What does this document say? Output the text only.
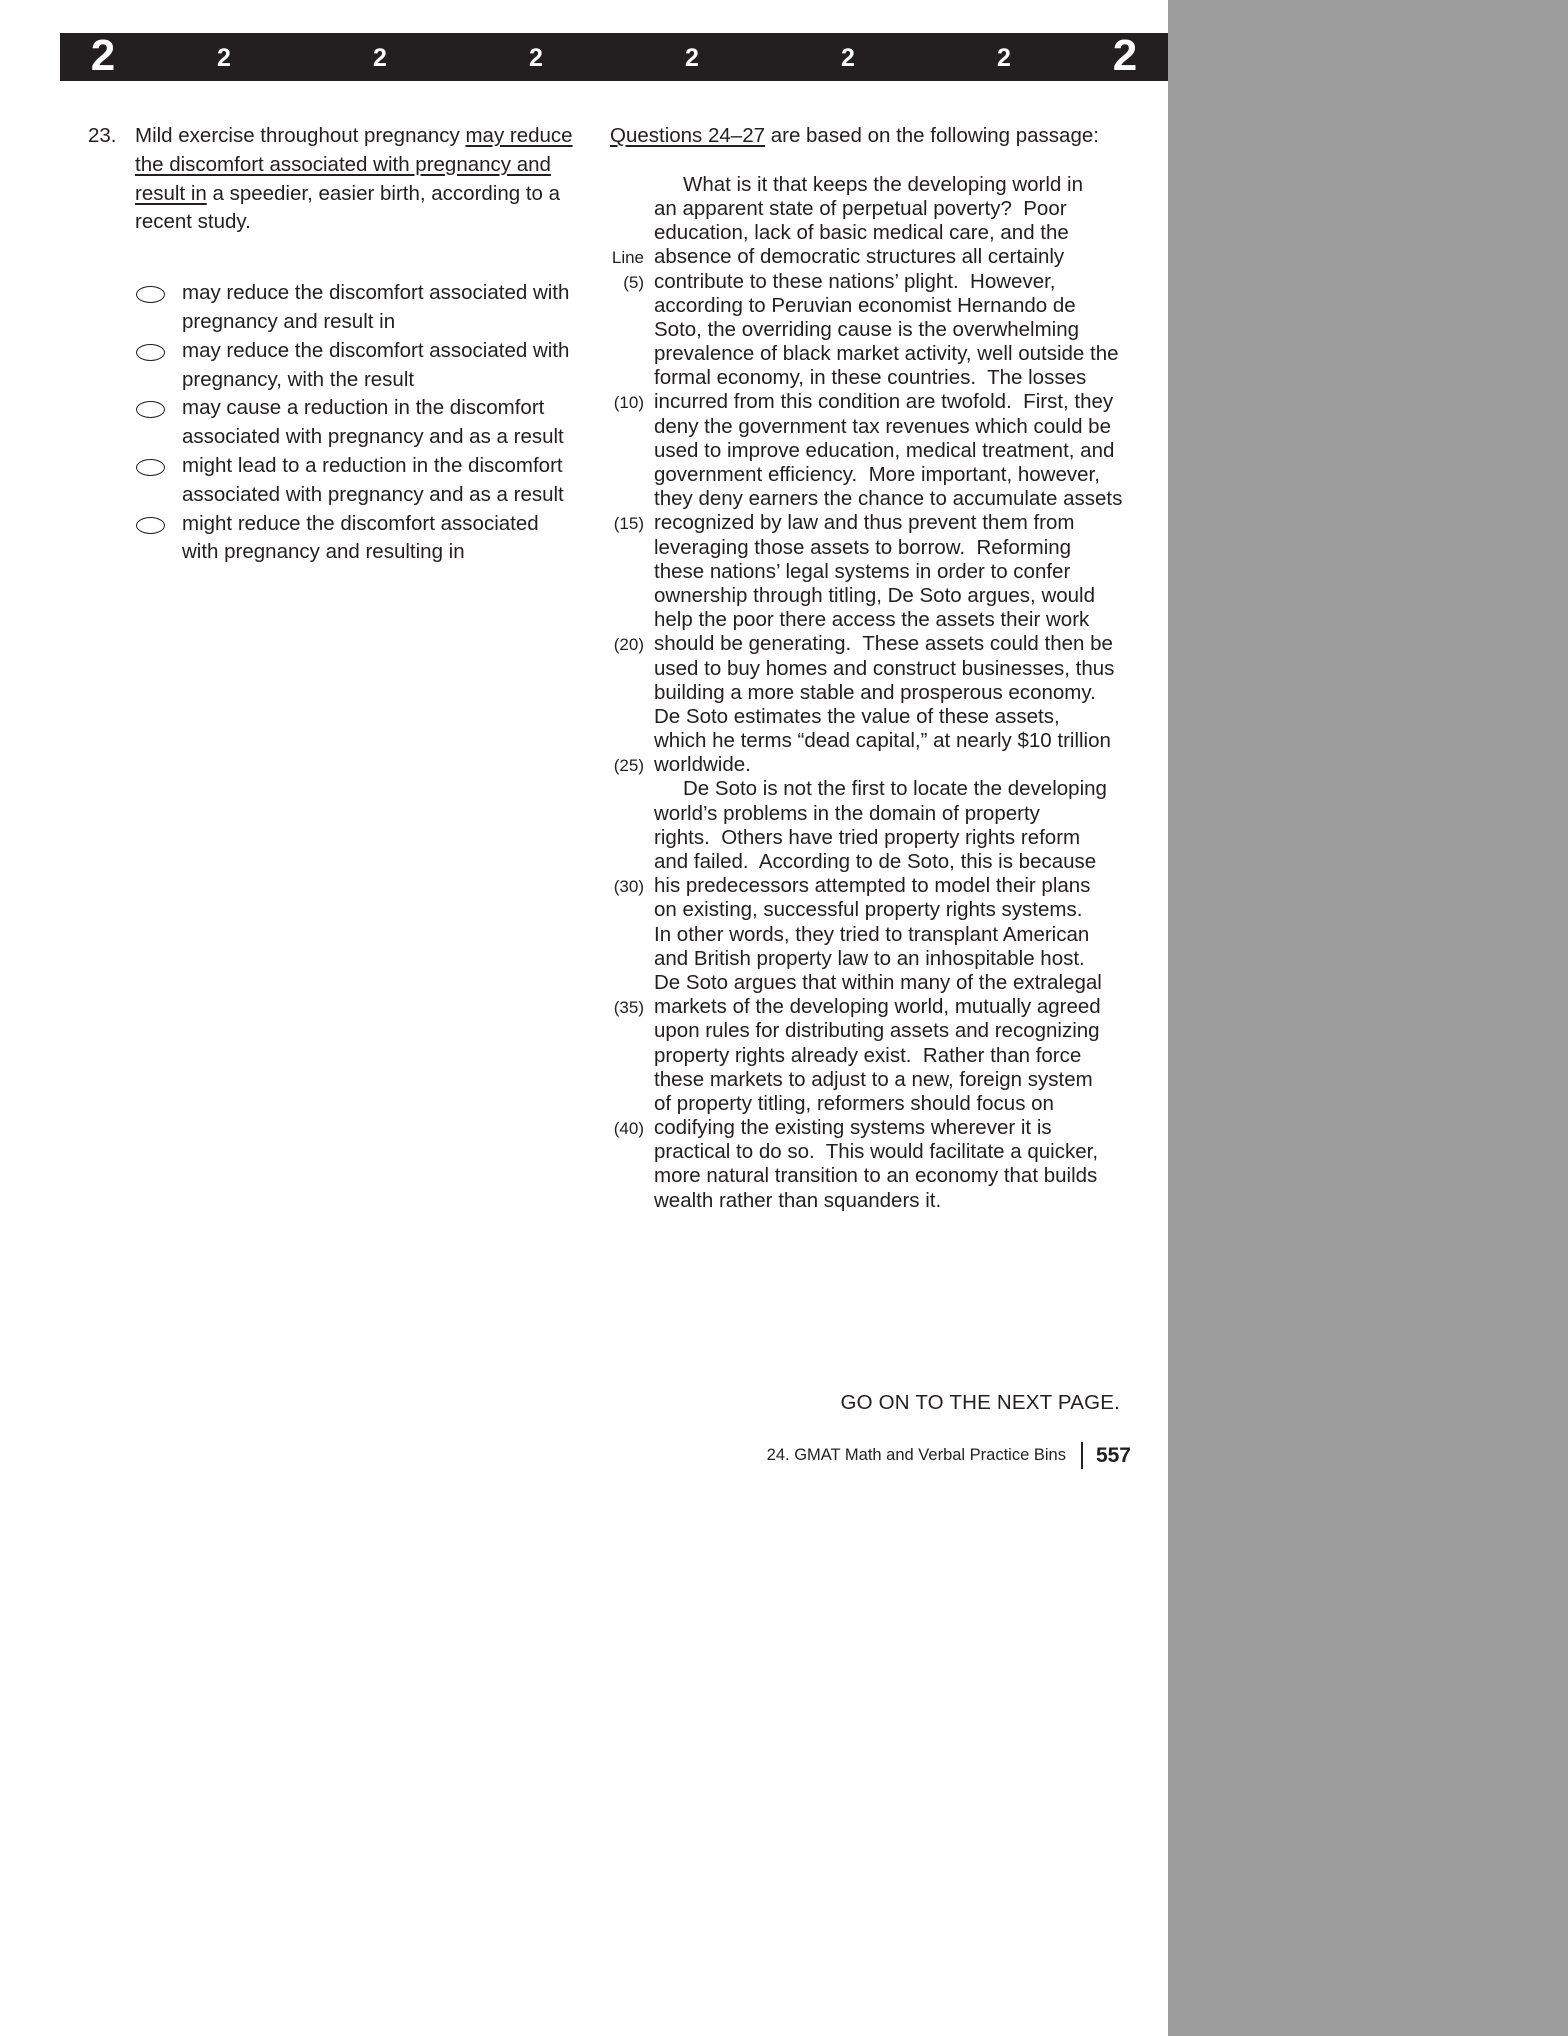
2	2	2	2	2	2	2	2
23. Mild exercise throughout pregnancy may reduce the discomfort associated with pregnancy and result in a speedier, easier birth, according to a recent study.
may reduce the discomfort associated with pregnancy and result in
may reduce the discomfort associated with pregnancy, with the result
may cause a reduction in the discomfort associated with pregnancy and as a result
might lead to a reduction in the discomfort associated with pregnancy and as a result
might reduce the discomfort associated with pregnancy and resulting in
Questions 24–27 are based on the following passage:
What is it that keeps the developing world in
an apparent state of perpetual poverty?  Poor
education, lack of basic medical care, and the
Line absence of democratic structures all certainly
(5) contribute to these nations’ plight.  However,
according to Peruvian economist Hernando de
Soto, the overriding cause is the overwhelming
prevalence of black market activity, well outside the
formal economy, in these countries.  The losses
(10) incurred from this condition are twofold.  First, they
deny the government tax revenues which could be
used to improve education, medical treatment, and
government efficiency.  More important, however,
they deny earners the chance to accumulate assets
(15) recognized by law and thus prevent them from
leveraging those assets to borrow.  Reforming
these nations’ legal systems in order to confer
ownership through titling, De Soto argues, would
help the poor there access the assets their work
(20) should be generating.  These assets could then be
used to buy homes and construct businesses, thus
building a more stable and prosperous economy.
De Soto estimates the value of these assets,
which he terms “dead capital,” at nearly $10 trillion
(25) worldwide.
De Soto is not the first to locate the developing
world’s problems in the domain of property
rights.  Others have tried property rights reform
and failed.  According to de Soto, this is because
(30) his predecessors attempted to model their plans
on existing, successful property rights systems.
In other words, they tried to transplant American
and British property law to an inhospitable host.
De Soto argues that within many of the extralegal
(35) markets of the developing world, mutually agreed
upon rules for distributing assets and recognizing
property rights already exist.  Rather than force
these markets to adjust to a new, foreign system
of property titling, reformers should focus on
(40) codifying the existing systems wherever it is
practical to do so.  This would facilitate a quicker,
more natural transition to an economy that builds
wealth rather than squanders it.
GO ON TO THE NEXT PAGE.
24. GMAT Math and Verbal Practice Bins 557
